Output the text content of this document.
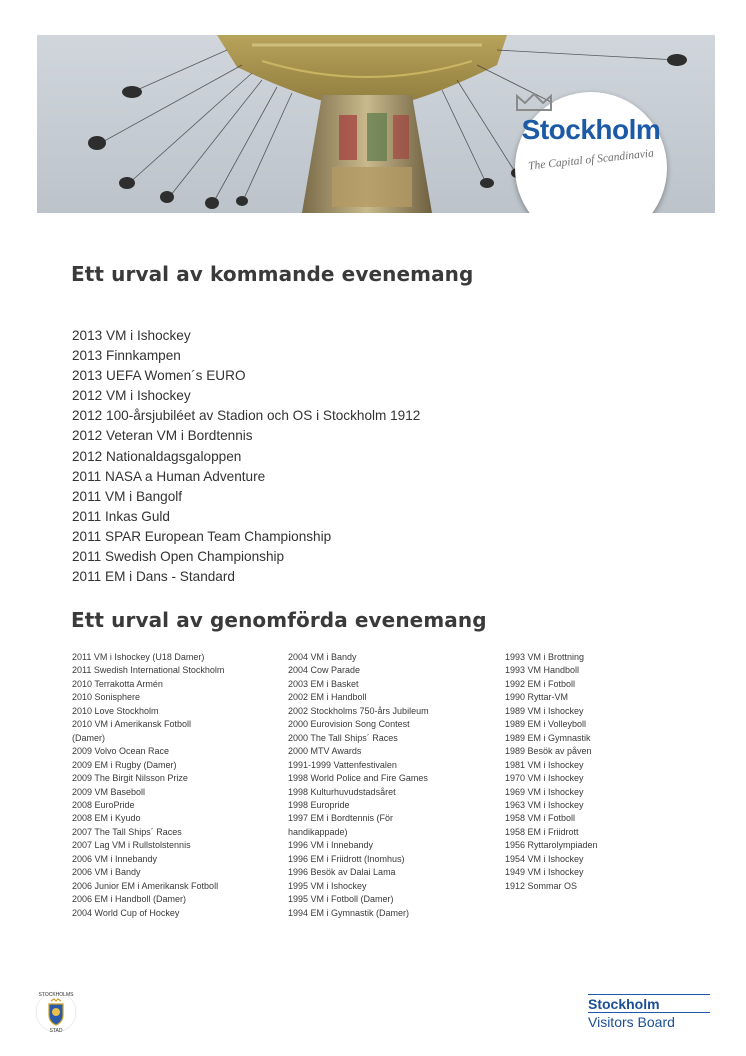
Stockholm
The Capital of Scandinavia
Ett urval av kommande evenemang
2013 VM i Ishockey
2013 Finnkampen
2013 UEFA Women´s EURO
2012 VM i Ishockey
2012 100-årsjubiléet av Stadion och OS i Stockholm 1912
2012 Veteran VM i Bordtennis
2012 Nationaldagsgaloppen
2011 NASA a Human Adventure
2011 VM i Bangolf
2011 Inkas Guld
2011 SPAR European Team Championship
2011 Swedish Open Championship
2011 EM i Dans - Standard
Ett urval av genomförda evenemang
2011 VM i Ishockey (U18 Damer)
2011 Swedish International Stockholm
2010 Terrakotta Armén
2010 Sonisphere
2010 Love Stockholm
2010 VM i Amerikansk Fotboll
(Damer)
2009 Volvo Ocean Race
2009 EM i Rugby (Damer)
2009 The Birgit Nilsson Prize
2009 VM Baseboll
2008 EuroPride
2008 EM i Kyudo
2007 The Tall Ships´ Races
2007 Lag VM i Rullstolstennis
2006 VM i Innebandy
2006 VM i Bandy
2006 Junior EM i Amerikansk Fotboll
2006 EM i Handboll (Damer)
2004 World Cup of Hockey
2004 VM i Bandy
2004 Cow Parade
2003 EM i Basket
2002 EM i Handboll
2002 Stockholms 750-års Jubileum
2000 Eurovision Song Contest
2000 The Tall Ships´ Races
2000 MTV Awards
1991-1999 Vattenfestivalen
1998 World Police and Fire Games
1998 Kulturhuvudstadsåret
1998 Europride
1997 EM i Bordtennis (För
handikappade)
1996 VM i Innebandy
1996 EM i Friidrott (Inomhus)
1996 Besök av Dalai Lama
1995 VM i Ishockey
1995 VM i Fotboll (Damer)
1994 EM i Gymnastik (Damer)
1993 VM i Brottning
1993 VM Handboll
1992 EM i Fotboll
1990 Ryttar-VM
1989 VM i Ishockey
1989 EM i Volleyboll
1989 EM i Gymnastik
1989 Besök av påven
1981 VM i Ishockey
1970 VM i Ishockey
1969 VM i Ishockey
1963 VM i Ishockey
1958 VM i Fotboll
1958 EM i Friidrott
1956 Ryttarolympiaden
1954 VM i Ishockey
1949 VM i Ishockey
1912 Sommar OS
STOCKHOLMS
STAD
Stockholm
Visitors Board
